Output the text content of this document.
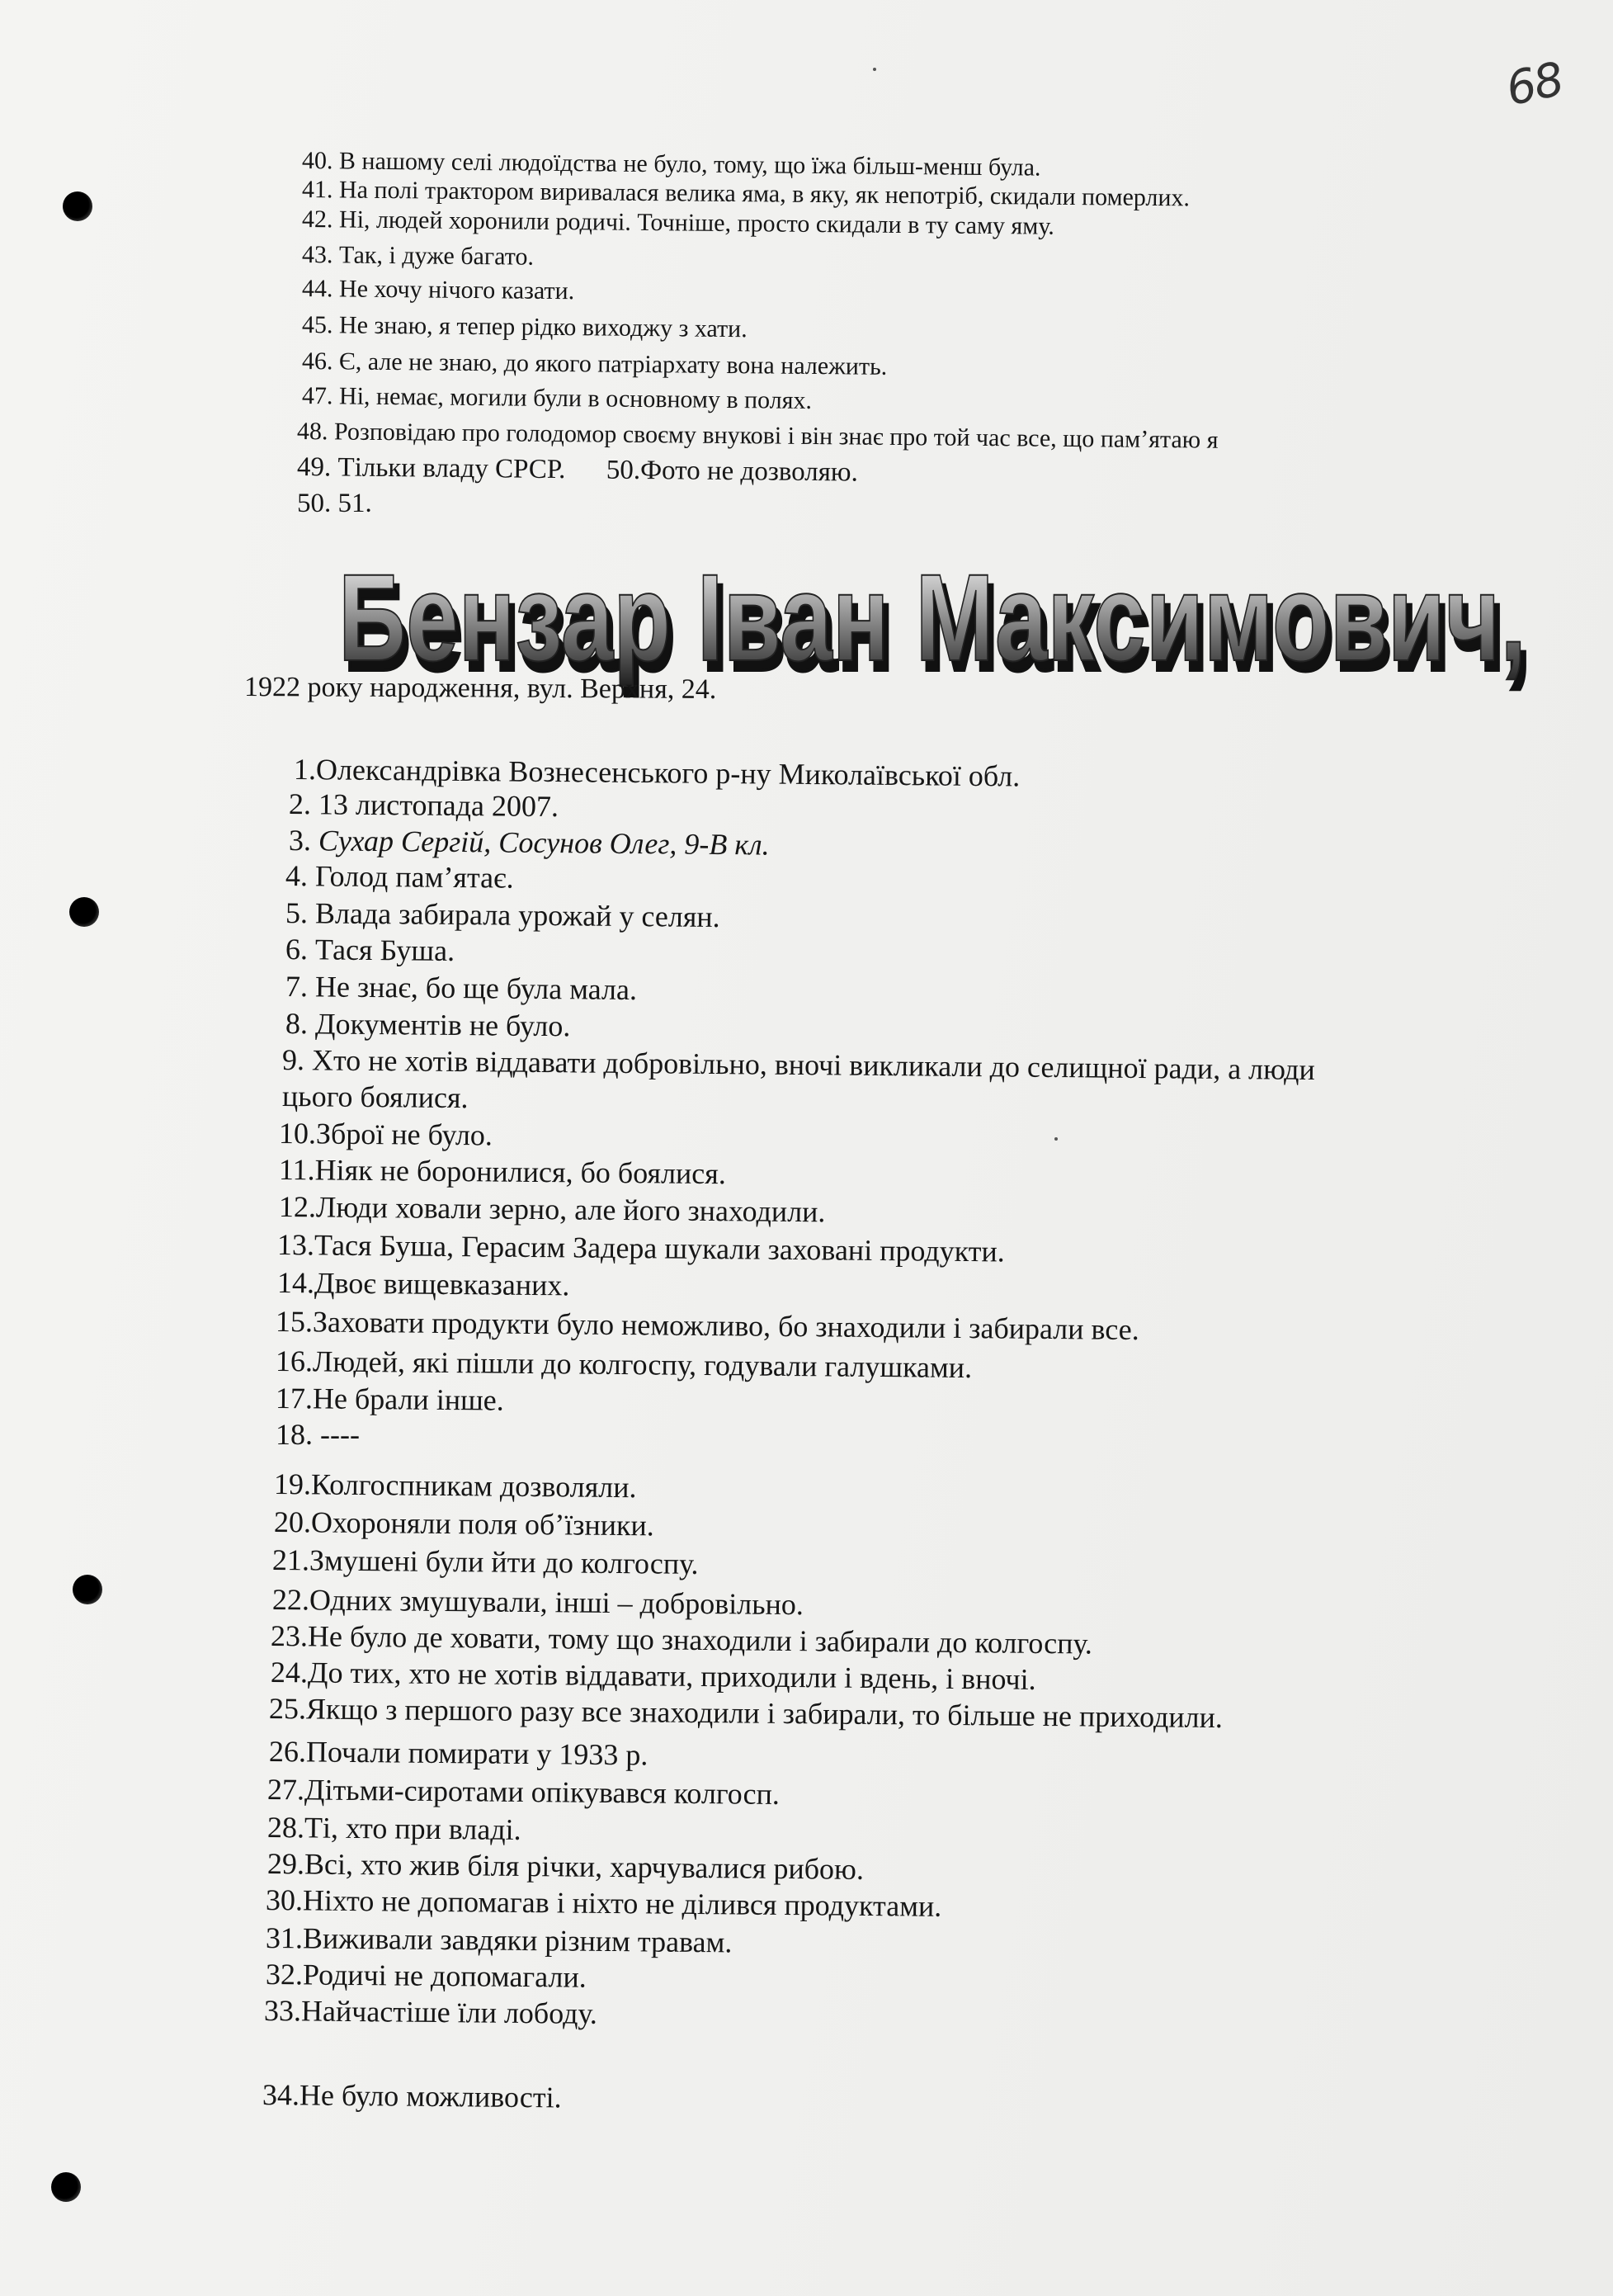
68
40. В нашому селі людоїдства не було, тому, що їжа більш-менш була.
41. На полі трактором виривалася велика яма, в яку, як непотріб, скидали померлих.
42. Ні, людей хоронили родичі. Точніше, просто скидали в ту саму яму.
43. Так, і дуже багато.
44. Не хочу нічого казати.
45. Не знаю, я тепер рідко виходжу з хати.
46. Є, але не знаю, до якого патріархату вона належить.
47. Ні, немає, могили були в основному в полях.
48. Розповідаю про голодомор своєму внукові і він знає про той час все, що пам’ятаю я
49. Тільки владу СРСР.      50.Фото не дозволяю.
50. 51.
Бензар Іван Максимович,
Бензар Іван Максимович,
1922 року народження, вул. Верхня, 24.
1.Олександрівка Вознесенського р-ну Миколаївської обл.
2. 13 листопада 2007.
3. Сухар Сергій, Сосунов Олег, 9-В кл.
4. Голод пам’ятає.
5. Влада забирала урожай у селян.
6. Тася Буша.
7. Не знає, бо ще була мала.
8. Документів не було.
9. Хто не хотів віддавати добровільно, вночі викликали до селищної ради, а люди
цього боялися.
10.Зброї не було.
11.Ніяк не боронилися, бо боялися.
12.Люди ховали зерно, але його знаходили.
13.Тася Буша, Герасим Задера шукали заховані продукти.
14.Двоє вищевказаних.
15.Заховати продукти було неможливо, бо знаходили і забирали все.
16.Людей, які пішли до колгоспу, годували галушками.
17.Не брали інше.
18. ----
19.Колгоспникам дозволяли.
20.Охороняли поля об’їзники.
21.Змушені були йти до колгоспу.
22.Одних змушували, інші – добровільно.
23.Не було де ховати, тому що знаходили і забирали до колгоспу.
24.До тих, хто не хотів віддавати, приходили і вдень, і вночі.
25.Якщо з першого разу все знаходили і забирали, то більше не приходили.
26.Почали помирати у 1933 р.
27.Дітьми-сиротами опікувався колгосп.
28.Ті, хто при владі.
29.Всі, хто жив біля річки, харчувалися рибою.
30.Ніхто не допомагав і ніхто не ділився продуктами.
31.Виживали завдяки різним травам.
32.Родичі не допомагали.
33.Найчастіше їли лободу.
34.Не було можливості.
